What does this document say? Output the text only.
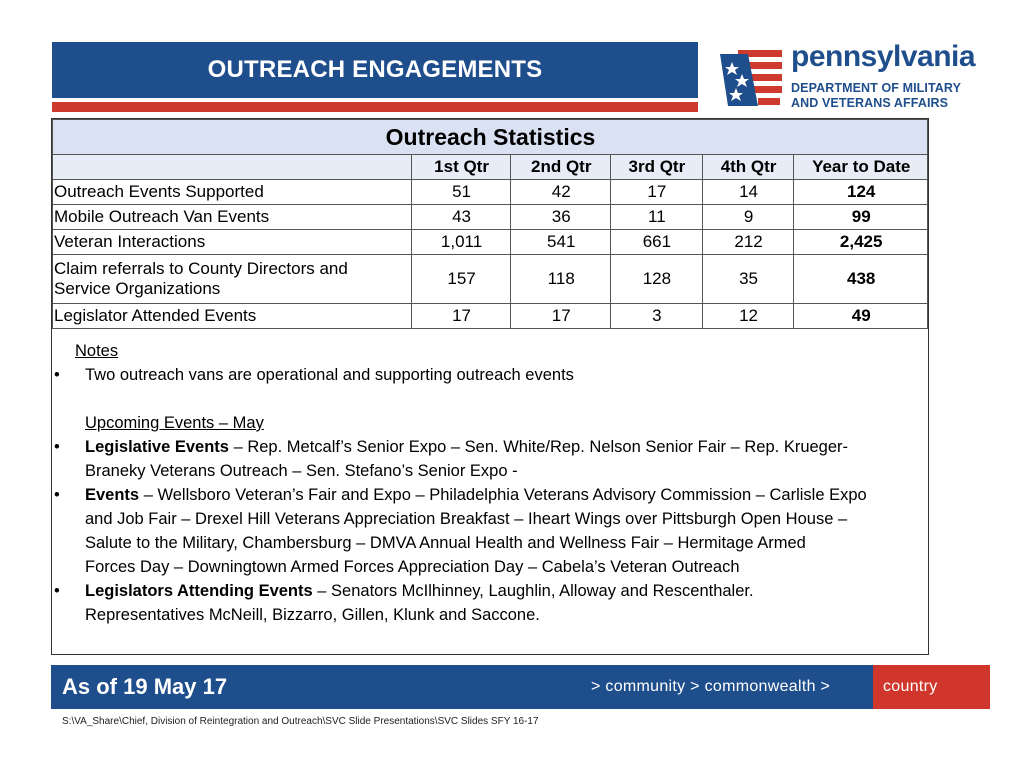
OUTREACH ENGAGEMENTS	pennsylvania
DEPARTMENT OF MILITARY
AND VETERANS AFFAIRS
Outreach Statistics					
	1st Qtr	2nd Qtr	3rd Qtr	4th Qtr	Year to Date
Outreach Events Supported	51	42	17	14	124
Mobile Outreach Van Events	43	36	11	9	99
Veteran Interactions	1,011	541	661	212	2,425
Claim referrals to County Directors and
Service Organizations	157	118	128	35	438
Legislator Attended Events	17	17	3	12	49
Notes
• Two outreach vans are operational and supporting outreach events
Upcoming Events – May
• Legislative Events – Rep. Metcalf’s Senior Expo – Sen. White/Rep. Nelson Senior Fair – Rep. Krueger-
Braneky Veterans Outreach – Sen. Stefano’s Senior Expo -
• Events – Wellsboro Veteran’s Fair and Expo – Philadelphia Veterans Advisory Commission – Carlisle Expo
and Job Fair – Drexel Hill Veterans Appreciation Breakfast – Iheart Wings over Pittsburgh Open House –
Salute to the Military, Chambersburg – DMVA Annual Health and Wellness Fair – Hermitage Armed
Forces Day – Downingtown Armed Forces Appreciation Day – Cabela’s Veteran Outreach
• Legislators Attending Events – Senators McIlhinney, Laughlin, Alloway and Rescenthaler.
Representatives McNeill, Bizzarro, Gillen, Klunk and Saccone.
As of 19 May 17	> community > commonwealth >	country
S:\VA_Share\Chief, Division of Reintegration and Outreach\SVC Slide Presentations\SVC Slides SFY 16-17
